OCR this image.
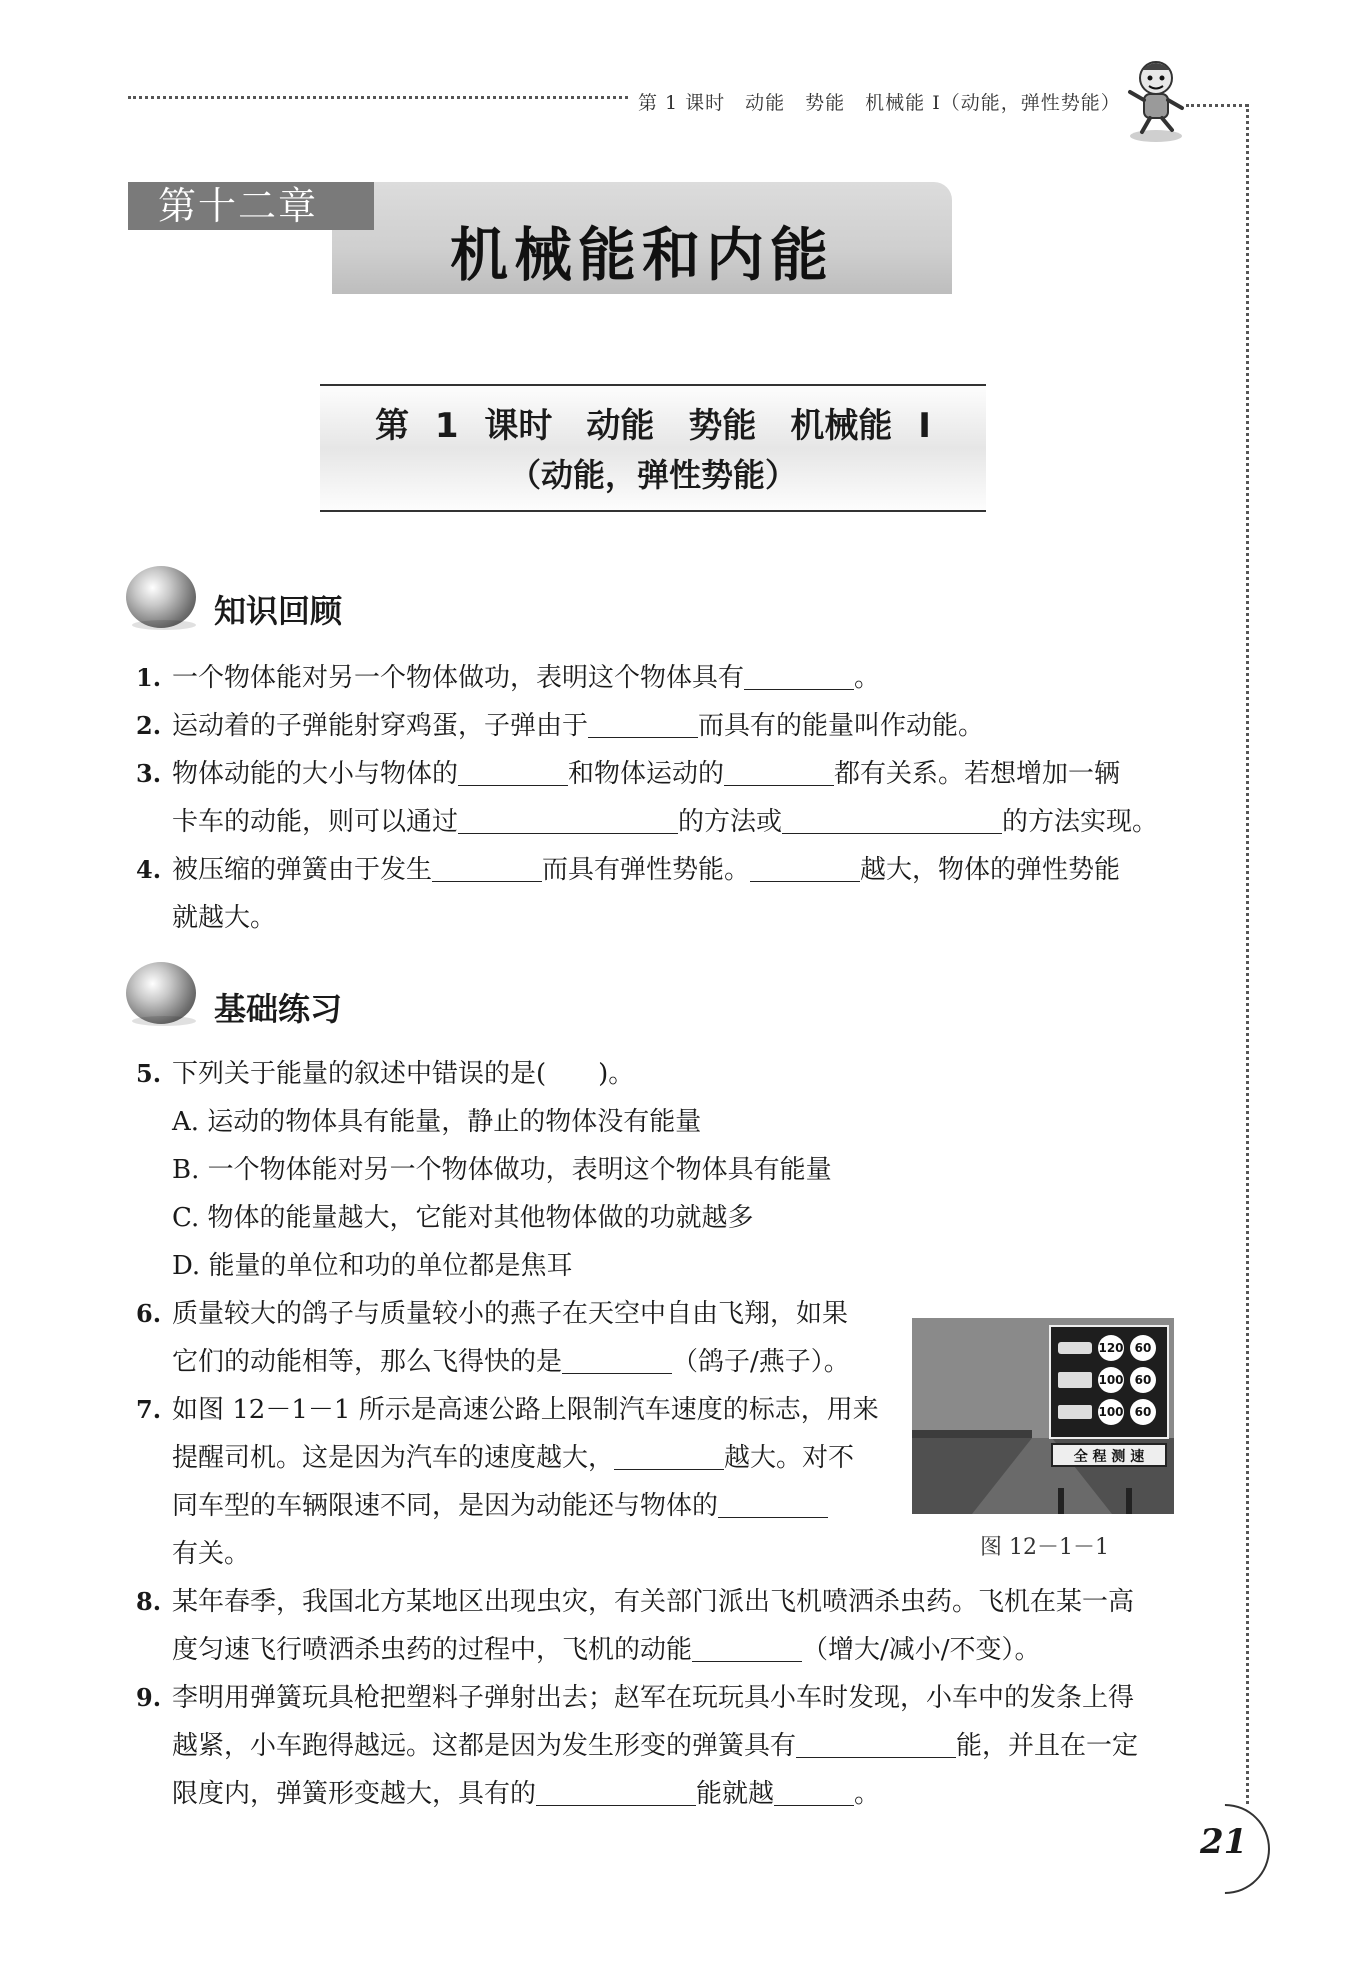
第 1 课时　动能　势能　机械能 I（动能，弹性势能）
第十二章
机械能和内能
第 1 课时　动能　势能　机械能 I
（动能，弹性势能）
知识回顾
1. 一个物体能对另一个物体做功，表明这个物体具有	。
2. 运动着的子弹能射穿鸡蛋，子弹由于	而具有的能量叫作动能。
3. 物体动能的大小与物体的	和物体运动的	都有关系。若想增加一辆
卡车的动能，则可以通过	的方法或	的方法实现。
4. 被压缩的弹簧由于发生	而具有弹性势能。	越大，物体的弹性势能
就越大。
基础练习
5. 下列关于能量的叙述中错误的是(　　)。
A. 运动的物体具有能量，静止的物体没有能量
B. 一个物体能对另一个物体做功，表明这个物体具有能量
C. 物体的能量越大，它能对其他物体做的功就越多
D. 能量的单位和功的单位都是焦耳
6. 质量较大的鸽子与质量较小的燕子在天空中自由飞翔，如果
它们的动能相等，那么飞得快的是	（鸽子/燕子）。
7. 如图 12－1－1 所示是高速公路上限制汽车速度的标志，用来
提醒司机。这是因为汽车的速度越大，	越大。对不
同车型的车辆限速不同，是因为动能还与物体的
有关。
120 60
100 60
100 60
全 程 测 速
图 12－1－1
8. 某年春季，我国北方某地区出现虫灾，有关部门派出飞机喷洒杀虫药。飞机在某一高
度匀速飞行喷洒杀虫药的过程中，飞机的动能	（增大/减小/不变）。
9. 李明用弹簧玩具枪把塑料子弹射出去；赵军在玩玩具小车时发现，小车中的发条上得
越紧，小车跑得越远。这都是因为发生形变的弹簧具有	能，并且在一定
限度内，弹簧形变越大，具有的	能就越	。
21
